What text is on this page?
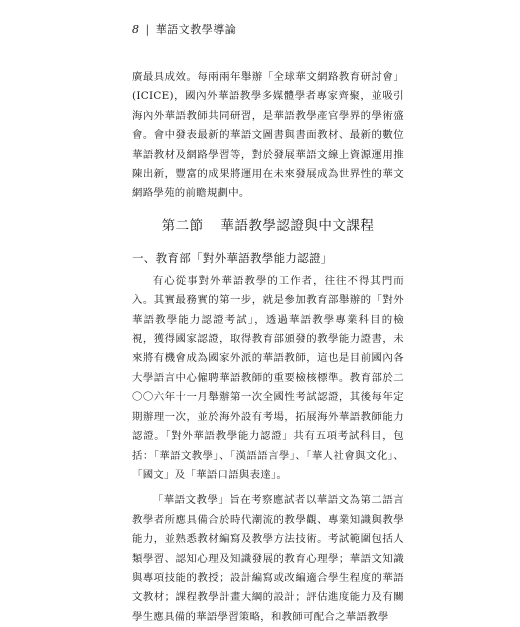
8 | 華語文教學導論

廣最具成效。每兩兩年舉辦「全球華文網路教育研討會」(ICICE)，國內外華語教學多媒體學者專家齊聚，並吸引海內外華語教師共同研習，是華語教學產官學界的學術盛會。會中發表最新的華語文圖書與書面教材、最新的數位華語教材及網路學習等，對於發展華語文線上資源運用推陳出新，豐富的成果將運用在未來發展成為世界性的華文網路學苑的前瞻規劃中。

第二節 華語教學認證與中文課程
一、教育部「對外華語教學能力認證」

有心從事對外華語教學的工作者，往往不得其門而入。其實最務實的第一步，就是參加教育部舉辦的「對外華語教學能力認證考試」，透過華語教學專業科目的檢視，獲得國家認證，取得教育部頒發的教學能力證書，未來將有機會成為國家外派的華語教師，這也是目前國內各大學語言中心僱聘華語教師的重要檢核標準。教育部於二〇〇六年十一月舉辦第一次全國性考試認證，其後每年定期辦理一次，並於海外設有考場，拓展海外華語教師能力認證。「對外華語教學能力認證」共有五項考試科目，包括：「華語文教學」、「漢語語言學」、「華人社會與文化」、「國文」及「華語口語與表達」。

「華語文教學」旨在考察應試者以華語文為第二語言教學者所應具備合於時代潮流的教學觀、專業知識與教學能力，並熟悉教材編寫及教學方法技術。考試範圍包括人類學習、認知心理及知識發展的教育心理學；華語文知識與專項技能的教授；設計編寫或改編適合學生程度的華語文教材；課程教學計畫大綱的設計；評估進度能力及有關學生應具備的華語學習策略，和教師可配合之華語教學
